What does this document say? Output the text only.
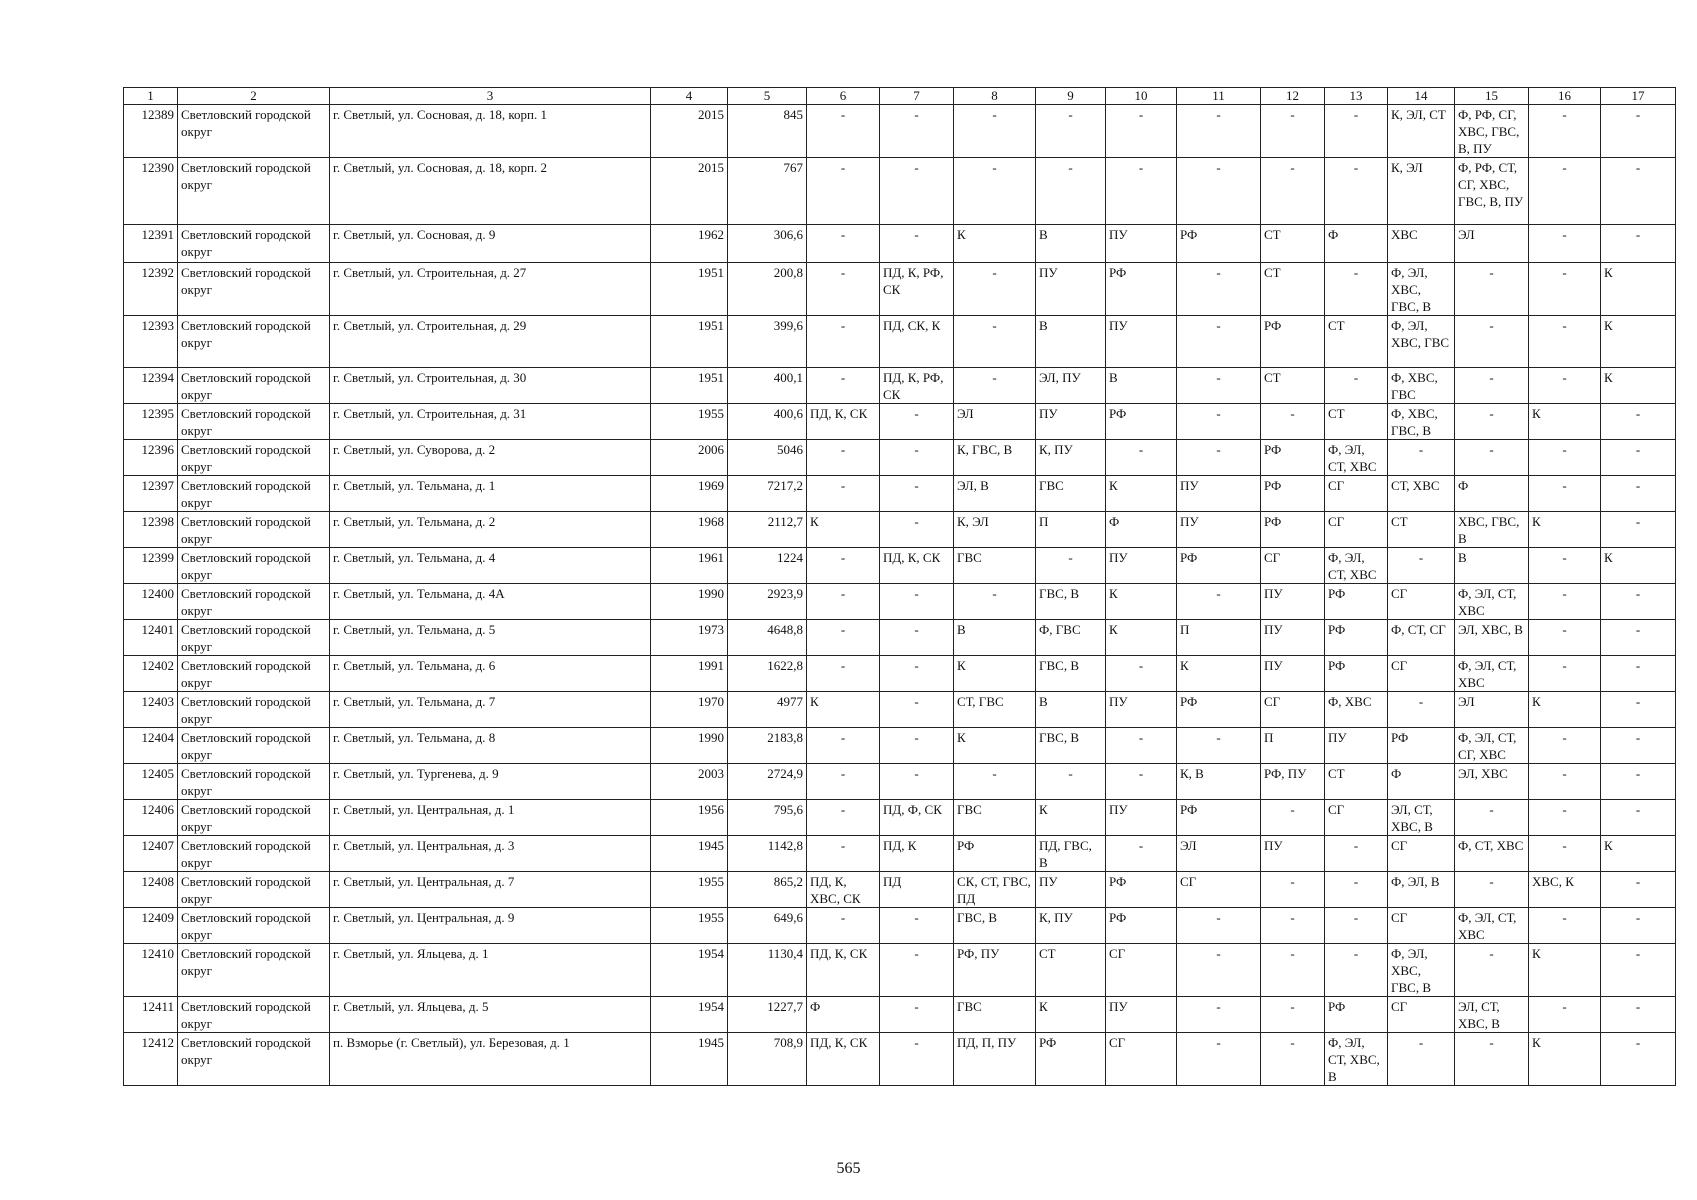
1	2	3	4	5	6	7	8	9	10	11	12	13	14	15	16	17
12389	Светловский городской округ	г. Светлый, ул. Сосновая, д. 18, корп. 1	2015	845	-	-	-	-	-	-	-	-	К, ЭЛ, СТ	Ф, РФ, СГ, ХВС, ГВС, В, ПУ	-	-
12390	Светловский городской округ	г. Светлый, ул. Сосновая, д. 18, корп. 2	2015	767	-	-	-	-	-	-	-	-	К, ЭЛ	Ф, РФ, СТ, СГ, ХВС, ГВС, В, ПУ	-	-
12391	Светловский городской округ	г. Светлый, ул. Сосновая, д. 9	1962	306,6	-	-	К	В	ПУ	РФ	СТ	Ф	ХВС	ЭЛ	-	-
12392	Светловский городской округ	г. Светлый, ул. Строительная, д. 27	1951	200,8	-	ПД, К, РФ, СК	-	ПУ	РФ	-	СТ	-	Ф, ЭЛ, ХВС, ГВС, В	-	-	К
12393	Светловский городской округ	г. Светлый, ул. Строительная, д. 29	1951	399,6	-	ПД, СК, К	-	В	ПУ	-	РФ	СТ	Ф, ЭЛ, ХВС, ГВС	-	-	К
12394	Светловский городской округ	г. Светлый, ул. Строительная, д. 30	1951	400,1	-	ПД, К, РФ, СК	-	ЭЛ, ПУ	В	-	СТ	-	Ф, ХВС, ГВС	-	-	К
12395	Светловский городской округ	г. Светлый, ул. Строительная, д. 31	1955	400,6	ПД, К, СК	-	ЭЛ	ПУ	РФ	-	-	СТ	Ф, ХВС, ГВС, В	-	К	-
12396	Светловский городской округ	г. Светлый, ул. Суворова, д. 2	2006	5046	-	-	К, ГВС, В	К, ПУ	-	-	РФ	Ф, ЭЛ, СТ, ХВС	-	-	-	-
12397	Светловский городской округ	г. Светлый, ул. Тельмана, д. 1	1969	7217,2	-	-	ЭЛ, В	ГВС	К	ПУ	РФ	СГ	СТ, ХВС	Ф	-	-
12398	Светловский городской округ	г. Светлый, ул. Тельмана, д. 2	1968	2112,7	К	-	К, ЭЛ	П	Ф	ПУ	РФ	СГ	СТ	ХВС, ГВС, В	К	-
12399	Светловский городской округ	г. Светлый, ул. Тельмана, д. 4	1961	1224	-	ПД, К, СК	ГВС	-	ПУ	РФ	СГ	Ф, ЭЛ, СТ, ХВС	-	В	-	К
12400	Светловский городской округ	г. Светлый, ул. Тельмана, д. 4А	1990	2923,9	-	-	-	ГВС, В	К	-	ПУ	РФ	СГ	Ф, ЭЛ, СТ, ХВС	-	-
12401	Светловский городской округ	г. Светлый, ул. Тельмана, д. 5	1973	4648,8	-	-	В	Ф, ГВС	К	П	ПУ	РФ	Ф, СТ, СГ	ЭЛ, ХВС, В	-	-
12402	Светловский городской округ	г. Светлый, ул. Тельмана, д. 6	1991	1622,8	-	-	К	ГВС, В	-	К	ПУ	РФ	СГ	Ф, ЭЛ, СТ, ХВС	-	-
12403	Светловский городской округ	г. Светлый, ул. Тельмана, д. 7	1970	4977	К	-	СТ, ГВС	В	ПУ	РФ	СГ	Ф, ХВС	-	ЭЛ	К	-
12404	Светловский городской округ	г. Светлый, ул. Тельмана, д. 8	1990	2183,8	-	-	К	ГВС, В	-	-	П	ПУ	РФ	Ф, ЭЛ, СТ, СГ, ХВС	-	-
12405	Светловский городской округ	г. Светлый, ул. Тургенева, д. 9	2003	2724,9	-	-	-	-	-	К, В	РФ, ПУ	СТ	Ф	ЭЛ, ХВС	-	-
12406	Светловский городской округ	г. Светлый, ул. Центральная, д. 1	1956	795,6	-	ПД, Ф, СК	ГВС	К	ПУ	РФ	-	СГ	ЭЛ, СТ, ХВС, В	-	-	-
12407	Светловский городской округ	г. Светлый, ул. Центральная, д. 3	1945	1142,8	-	ПД, К	РФ	ПД, ГВС, В	-	ЭЛ	ПУ	-	СГ	Ф, СТ, ХВС	-	К
12408	Светловский городской округ	г. Светлый, ул. Центральная, д. 7	1955	865,2	ПД, К, ХВС, СК	ПД	СК, СТ, ГВС, ПД	ПУ	РФ	СГ	-	-	Ф, ЭЛ, В	-	ХВС, К	-
12409	Светловский городской округ	г. Светлый, ул. Центральная, д. 9	1955	649,6	-	-	ГВС, В	К, ПУ	РФ	-	-	-	СГ	Ф, ЭЛ, СТ, ХВС	-	-
12410	Светловский городской округ	г. Светлый, ул. Яльцева, д. 1	1954	1130,4	ПД, К, СК	-	РФ, ПУ	СТ	СГ	-	-	-	Ф, ЭЛ, ХВС, ГВС, В	-	К	-
12411	Светловский городской округ	г. Светлый, ул. Яльцева, д. 5	1954	1227,7	Ф	-	ГВС	К	ПУ	-	-	РФ	СГ	ЭЛ, СТ, ХВС, В	-	-
12412	Светловский городской округ	п. Взморье (г. Светлый), ул. Березовая, д. 1	1945	708,9	ПД, К, СК	-	ПД, П, ПУ	РФ	СГ	-	-	Ф, ЭЛ, СТ, ХВС, В	-	-	К	-
565
